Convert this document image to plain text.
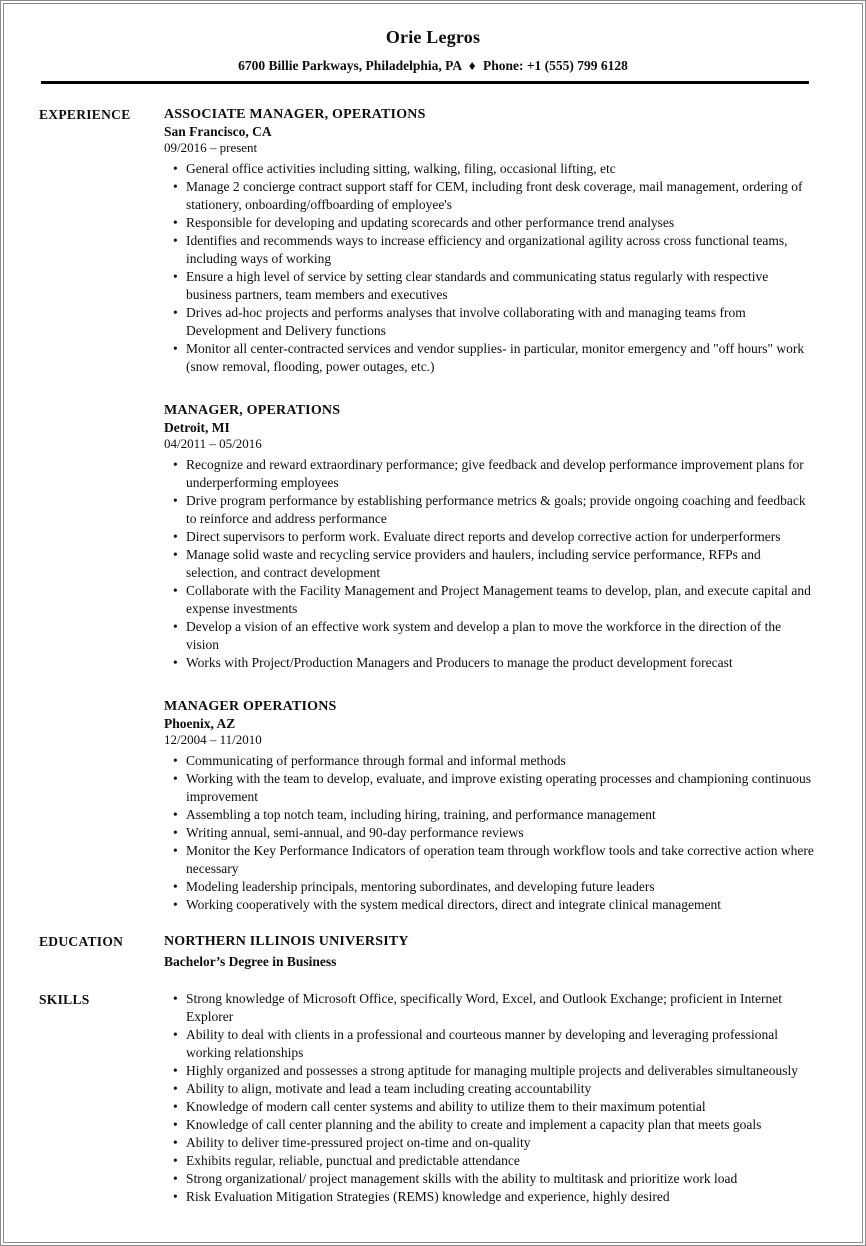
Orie Legros
6700 Billie Parkways, Philadelphia, PA ♦ Phone: +1 (555) 799 6128
EXPERIENCE	ASSOCIATE MANAGER, OPERATIONS
San Francisco, CA
09/2016 – present
• General office activities including sitting, walking, filing, occasional lifting, etc
• Manage 2 concierge contract support staff for CEM, including front desk coverage, mail management, ordering of stationery, onboarding/offboarding of employee's
• Responsible for developing and updating scorecards and other performance trend analyses
• Identifies and recommends ways to increase efficiency and organizational agility across cross functional teams, including ways of working
• Ensure a high level of service by setting clear standards and communicating status regularly with respective business partners, team members and executives
• Drives ad-hoc projects and performs analyses that involve collaborating with and managing teams from Development and Delivery functions
• Monitor all center-contracted services and vendor supplies- in particular, monitor emergency and "off hours" work (snow removal, flooding, power outages, etc.)
MANAGER, OPERATIONS
Detroit, MI
04/2011 – 05/2016
• Recognize and reward extraordinary performance; give feedback and develop performance improvement plans for underperforming employees
• Drive program performance by establishing performance metrics & goals; provide ongoing coaching and feedback to reinforce and address performance
• Direct supervisors to perform work. Evaluate direct reports and develop corrective action for underperformers
• Manage solid waste and recycling service providers and haulers, including service performance, RFPs and selection, and contract development
• Collaborate with the Facility Management and Project Management teams to develop, plan, and execute capital and expense investments
• Develop a vision of an effective work system and develop a plan to move the workforce in the direction of the vision
• Works with Project/Production Managers and Producers to manage the product development forecast
MANAGER OPERATIONS
Phoenix, AZ
12/2004 – 11/2010
• Communicating of performance through formal and informal methods
• Working with the team to develop, evaluate, and improve existing operating processes and championing continuous improvement
• Assembling a top notch team, including hiring, training, and performance management
• Writing annual, semi-annual, and 90-day performance reviews
• Monitor the Key Performance Indicators of operation team through workflow tools and take corrective action where necessary
• Modeling leadership principals, mentoring subordinates, and developing future leaders
• Working cooperatively with the system medical directors, direct and integrate clinical management
EDUCATION	NORTHERN ILLINOIS UNIVERSITY
Bachelor’s Degree in Business
SKILLS	• Strong knowledge of Microsoft Office, specifically Word, Excel, and Outlook Exchange; proficient in Internet Explorer
• Ability to deal with clients in a professional and courteous manner by developing and leveraging professional working relationships
• Highly organized and possesses a strong aptitude for managing multiple projects and deliverables simultaneously
• Ability to align, motivate and lead a team including creating accountability
• Knowledge of modern call center systems and ability to utilize them to their maximum potential
• Knowledge of call center planning and the ability to create and implement a capacity plan that meets goals
• Ability to deliver time-pressured project on-time and on-quality
• Exhibits regular, reliable, punctual and predictable attendance
• Strong organizational/ project management skills with the ability to multitask and prioritize work load
• Risk Evaluation Mitigation Strategies (REMS) knowledge and experience, highly desired
